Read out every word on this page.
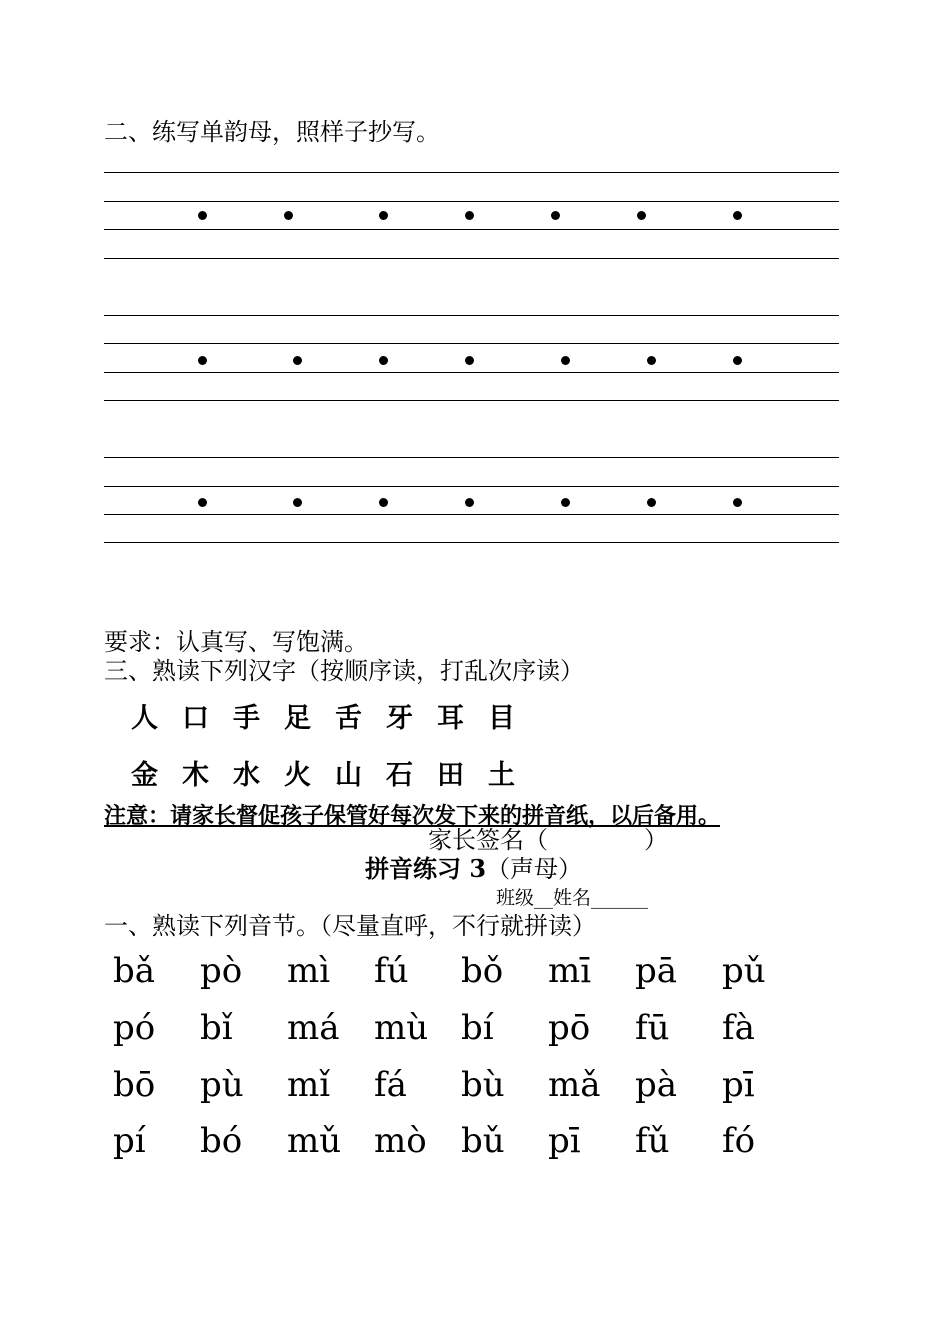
二、练写单韵母，照样子抄写。
要求：认真写、写饱满。
三、熟读下列汉字（按顺序读，打乱次序读）
人 口 手 足 舌 牙 耳 目
金 木 水 火 山 石 田 土
注意：请家长督促孩子保管好每次发下来的拼音纸，以后备用。
家长签名（　　　　）
拼音练习 3（声母）
班级__姓名______
一、熟读下列音节。（尽量直呼，不行就拼读）
bǎ pò mì fú bǒ mī pā pǔ
pó bǐ má mù bí pō fū fà
bō pù mǐ fá bù mǎ pà pī
pí bó mǔ mò bǔ pī fǔ fó
